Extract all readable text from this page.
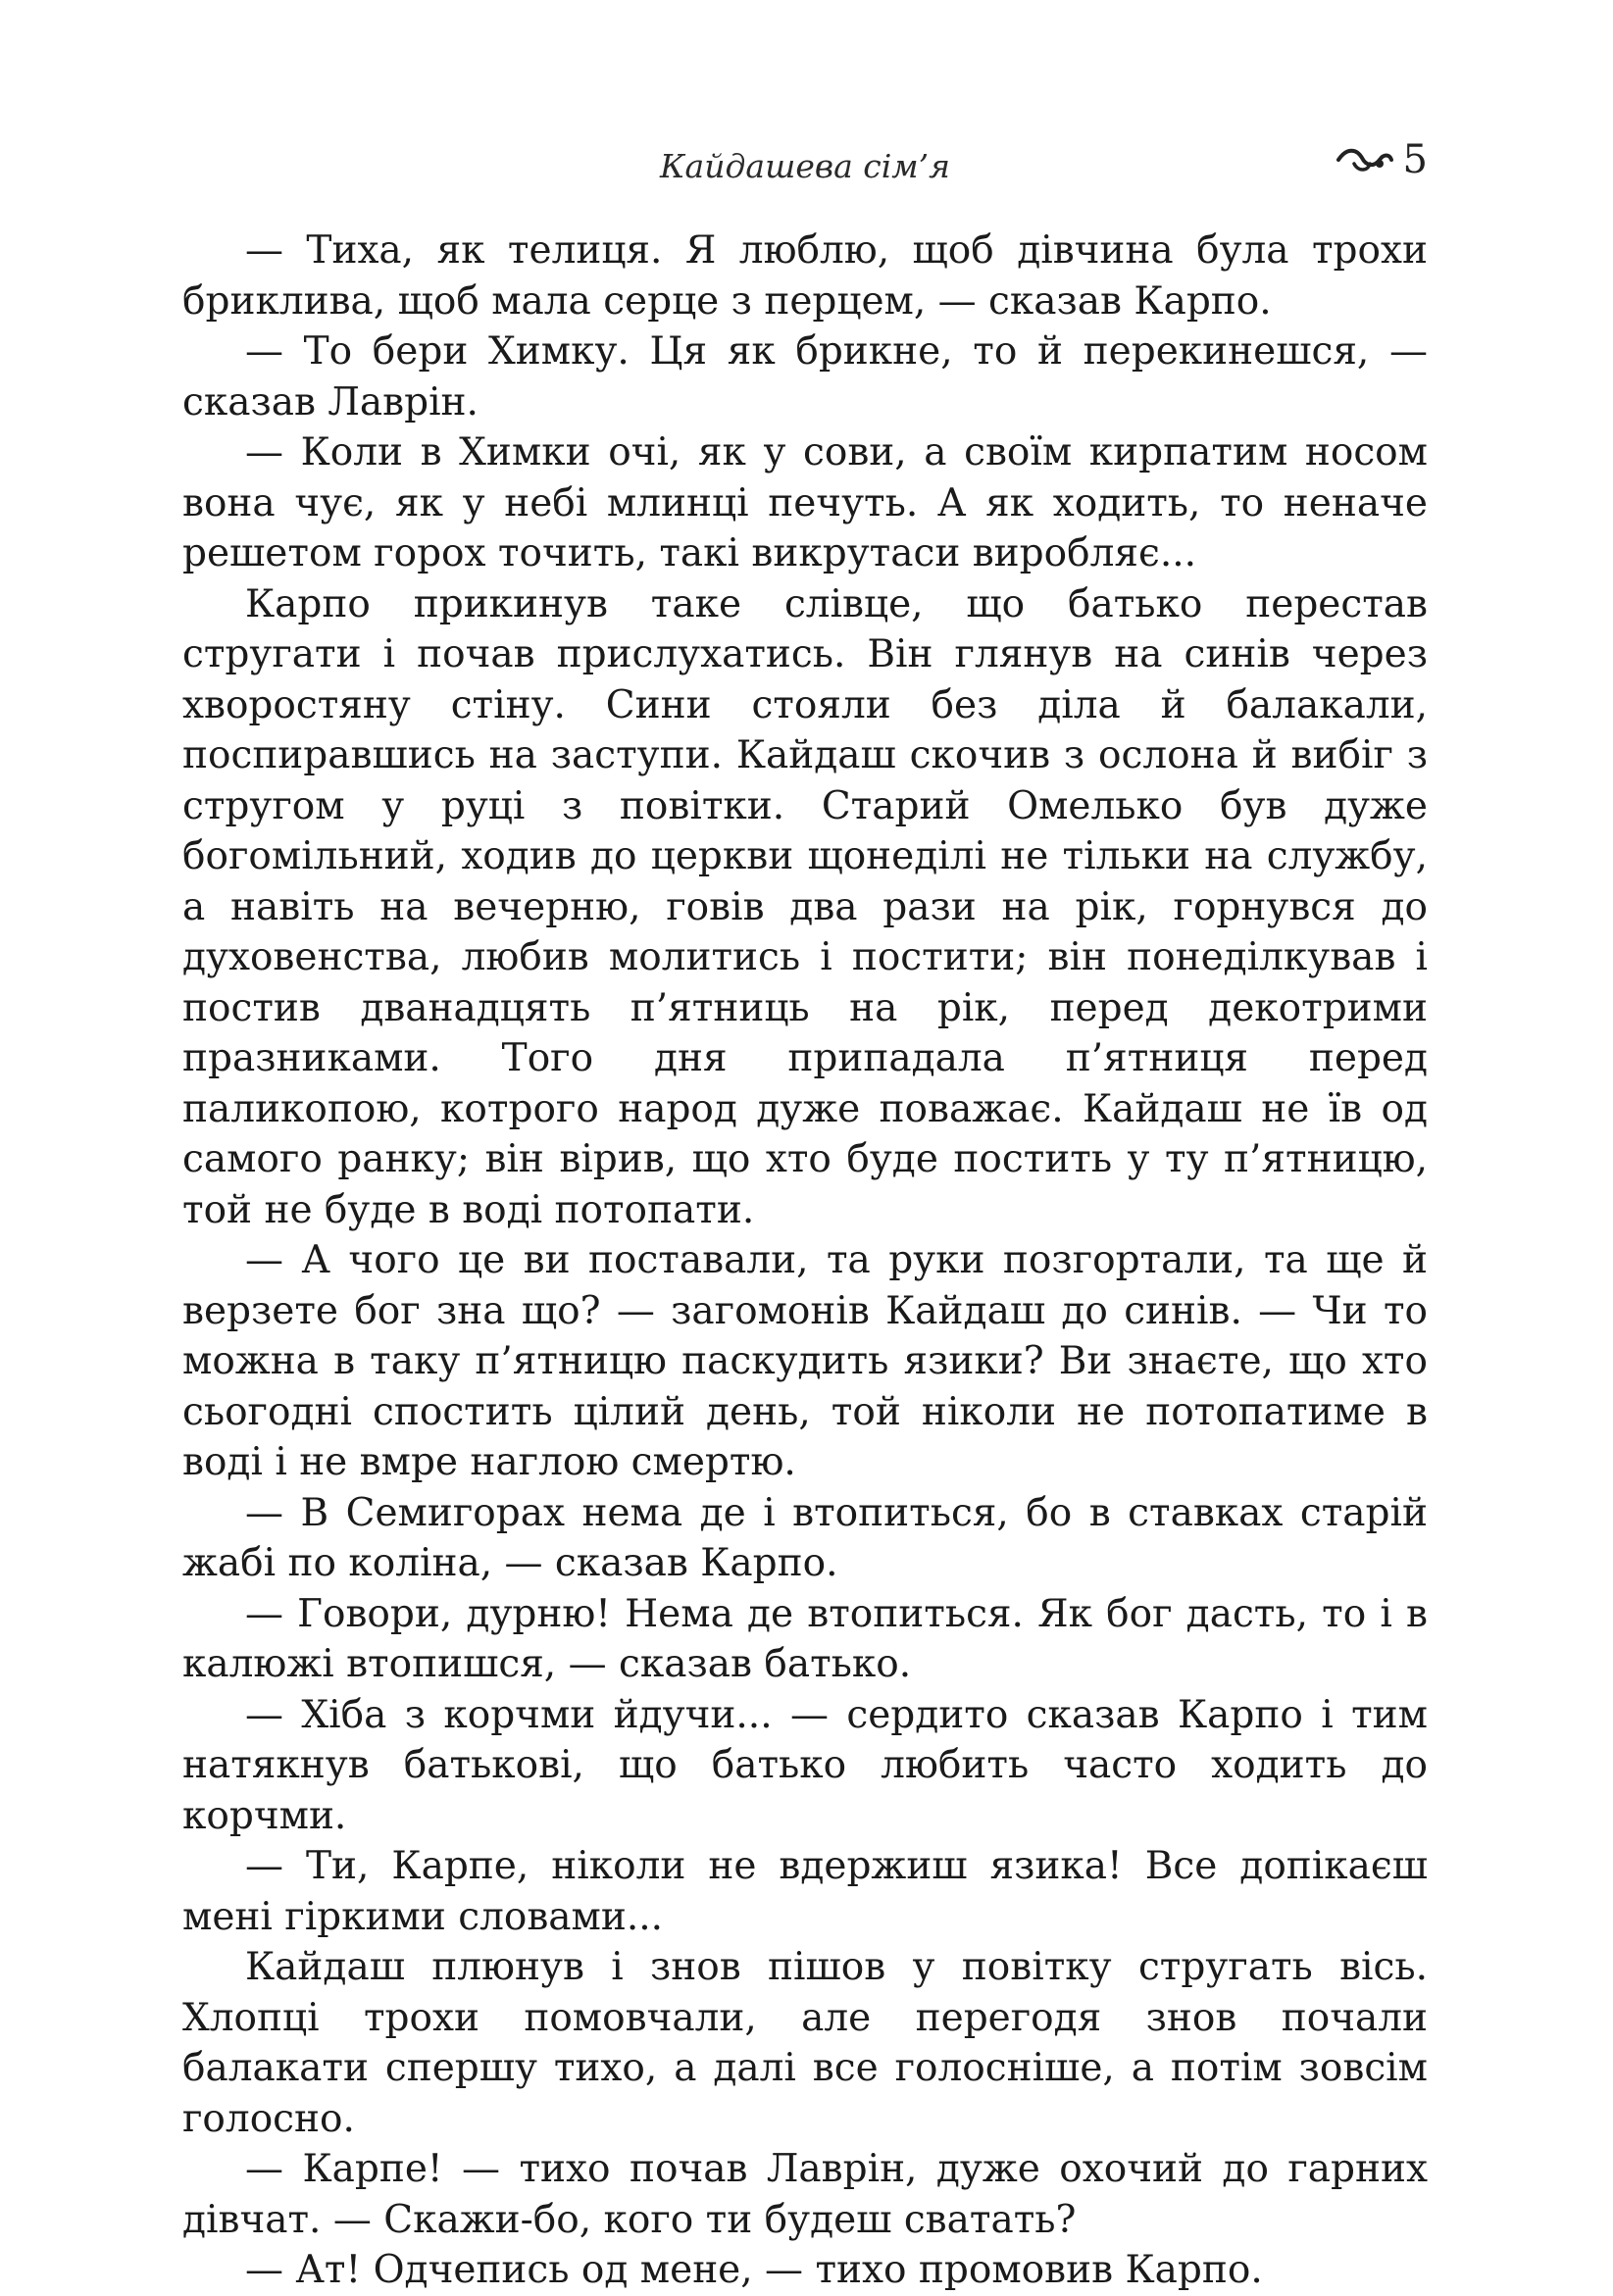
Кайдашева сім’я	5

— Тиха, як телиця. Я люблю, щоб дівчина була трохи бриклива, щоб мала серце з перцем, — сказав Карпо.

— То бери Химку. Ця як брикне, то й перекинешся, — сказав Лаврін.

— Коли в Химки очі, як у сови, а своїм кирпатим носом вона чує, як у небі млинці печуть. А як ходить, то неначе решетом горох точить, такі викрутаси виробляє...

Карпо прикинув таке слівце, що батько перестав стругати і почав прислухатись. Він глянув на синів через хворостяну стіну. Сини стояли без діла й балакали, поспиравшись на заступи. Кайдаш скочив з ослона й вибіг з стругом у руці з повітки. Старий Омелько був дуже богомільний, ходив до церкви щонеділі не тільки на службу, а навіть на вечерню, говів два рази на рік, горнувся до духовенства, любив молитись і постити; він понеділкував і постив дванадцять п’ятниць на рік, перед декотрими празниками. Того дня припадала п’ятниця перед паликопою, котрого народ дуже поважає. Кайдаш не їв од самого ранку; він вірив, що хто буде постить у ту п’ятницю, той не буде в воді потопати.

— А чого це ви поставали, та руки позгортали, та ще й верзете бог зна що? — загомонів Кайдаш до синів. — Чи то можна в таку п’ятницю паскудить язики? Ви знаєте, що хто сьогодні спостить цілий день, той ніколи не потопатиме в воді і не вмре наглою смертю.

— В Семигорах нема де і втопиться, бо в ставках старій жабі по коліна, — сказав Карпо.

— Говори, дурню! Нема де втопиться. Як бог дасть, то і в калюжі втопишся, — сказав батько.

— Хіба з корчми йдучи... — сердито сказав Карпо і тим натякнув батькові, що батько любить часто ходить до корчми.

— Ти, Карпе, ніколи не вдержиш язика! Все допікаєш мені гіркими словами...

Кайдаш плюнув і знов пішов у повітку стругать вісь. Хлопці трохи помовчали, але перегодя знов почали балакати спершу тихо, а далі все голосніше, а потім зовсім голосно.

— Карпе! — тихо почав Лаврін, дуже охочий до гарних дівчат. — Скажи-бо, кого ти будеш сватать?

— Ат! Одчепись од мене, — тихо промовив Карпо.
